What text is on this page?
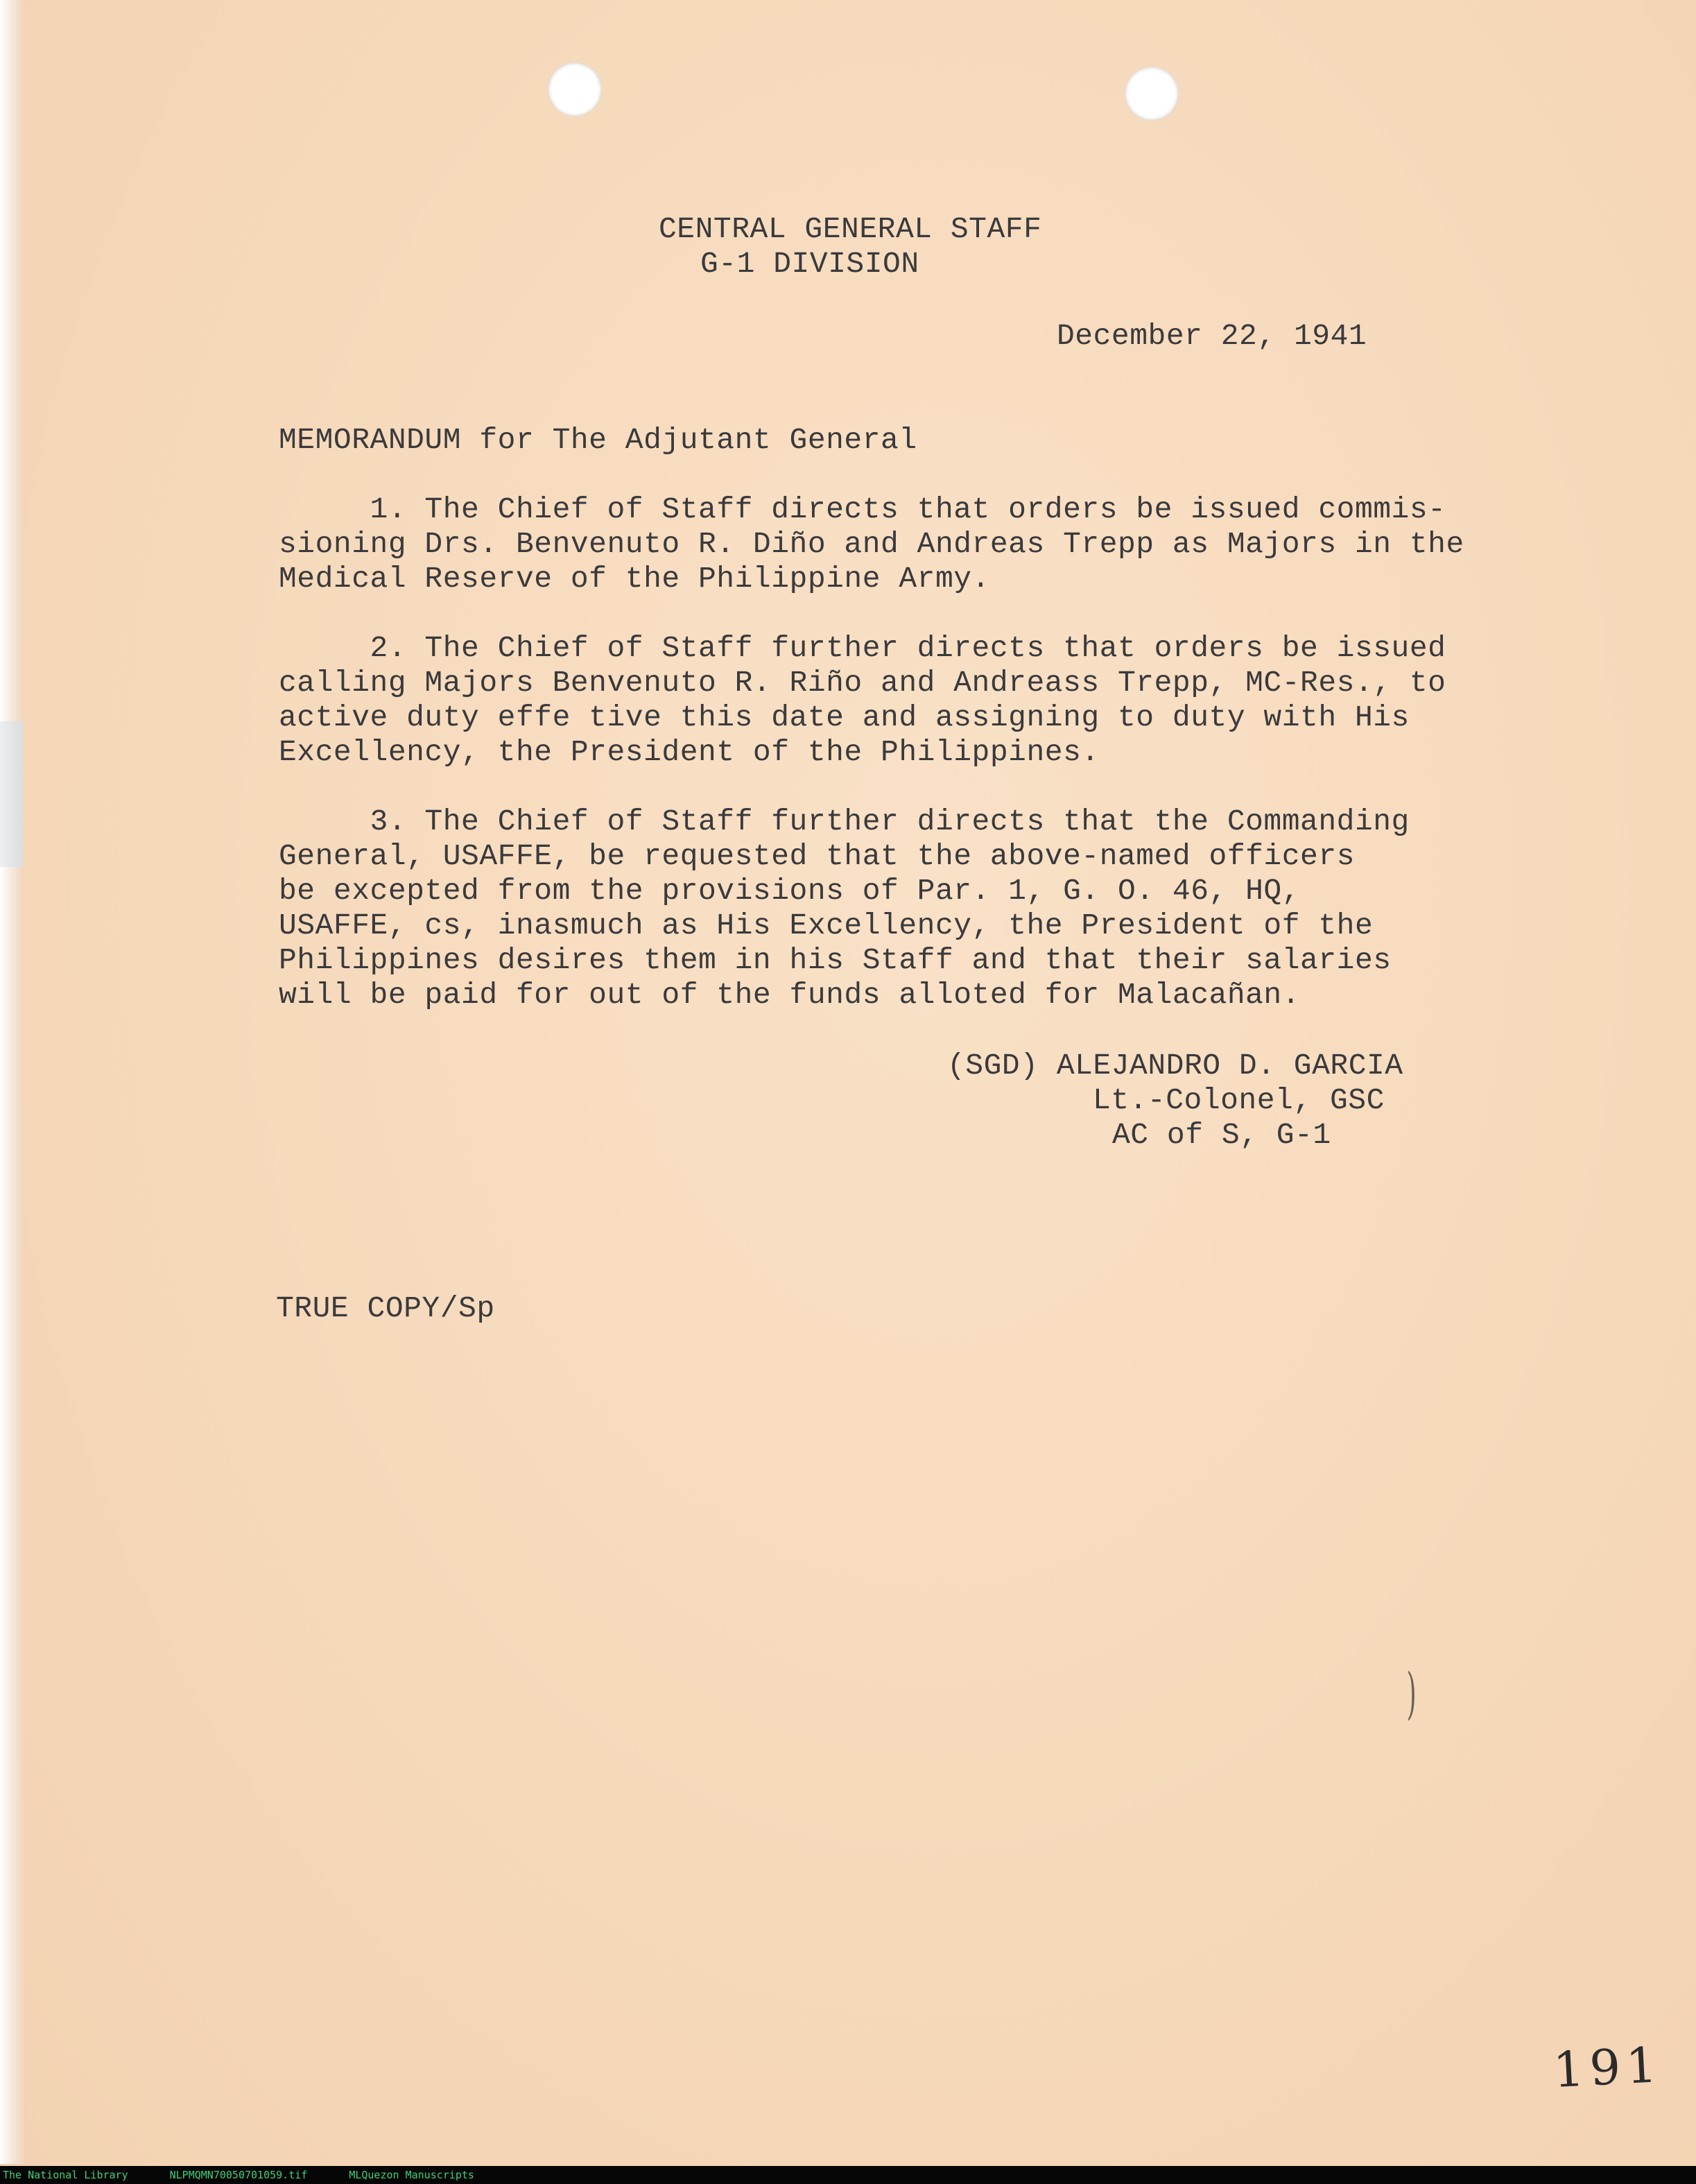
CENTRAL GENERAL STAFF

G-1 DIVISION

December 22, 1941

MEMORANDUM for The Adjutant General

1. The Chief of Staff directs that orders be issued commis-
sioning Drs. Benvenuto R. Diño and Andreas Trepp as Majors in the
Medical Reserve of the Philippine Army.

2. The Chief of Staff further directs that orders be issued
calling Majors Benvenuto R. Riño and Andreass Trepp, MC-Res., to
active duty effe tive this date and assigning to duty with His
Excellency, the President of the Philippines.

3. The Chief of Staff further directs that the Commanding
General, USAFFE, be requested that the above-named officers
be excepted from the provisions of Par. 1, G. O. 46, HQ,
USAFFE, cs, inasmuch as His Excellency, the President of the
Philippines desires them in his Staff and that their salaries
will be paid for out of the funds alloted for Malacañan.

(SGD) ALEJANDRO D. GARCIA

Lt.-Colonel, GSC

AC of S, G-1

TRUE COPY/Sp

)
191
The National Library	NLPMQMN70050701059.tif	MLQuezon Manuscripts
